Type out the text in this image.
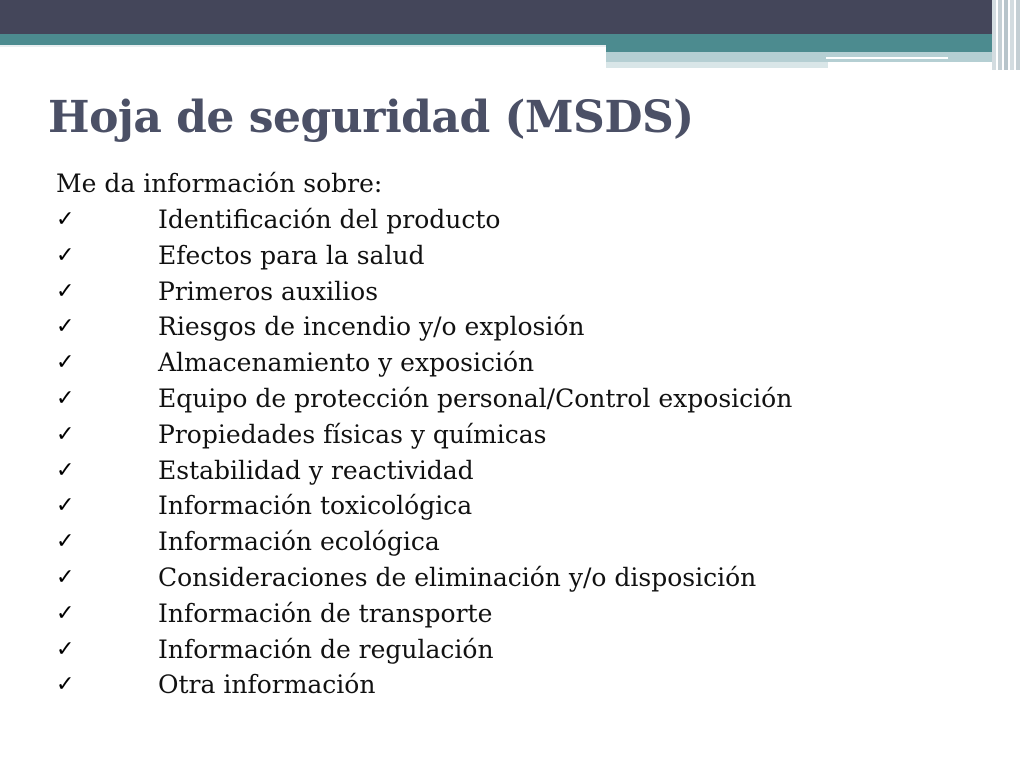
Hoja de seguridad (MSDS)
Me da información sobre:
✓	Identificación del producto
✓	Efectos para la salud
✓	Primeros auxilios
✓	Riesgos de incendio y/o explosión
✓	Almacenamiento y exposición
✓	Equipo de protección personal/Control exposición
✓	Propiedades físicas y químicas
✓	Estabilidad y reactividad
✓	Información toxicológica
✓	Información ecológica
✓	Consideraciones de eliminación y/o disposición
✓	Información de transporte
✓	Información de regulación
✓	Otra información
